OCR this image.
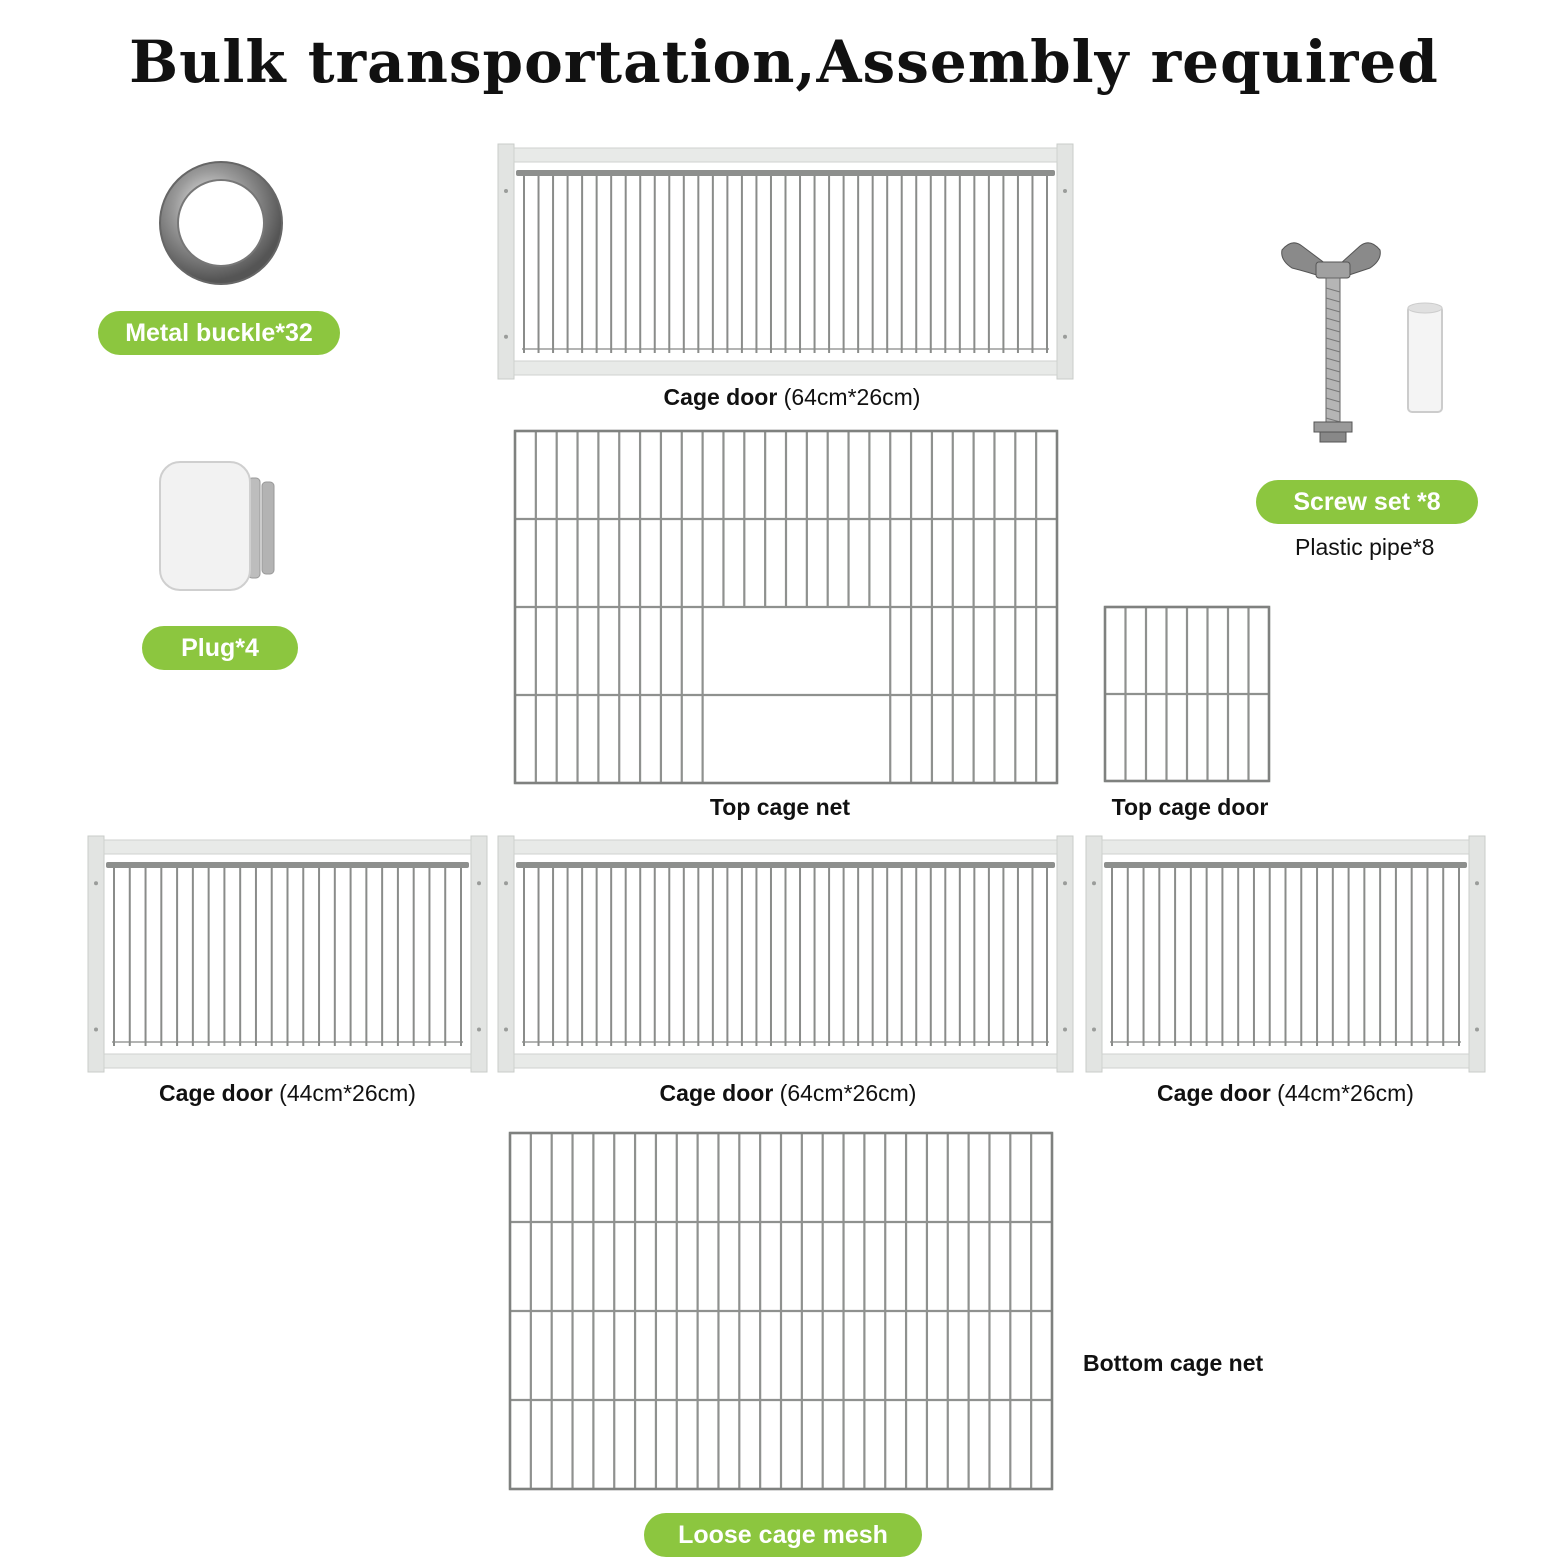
Bulk transportation,Assembly required
Metal buckle*32
Plug*4
Screw set *8
Plastic pipe*8
Cage door (64cm*26cm)
Top cage net	Top cage door
Cage door (44cm*26cm)	Cage door (64cm*26cm)	Cage door (44cm*26cm)
Bottom cage net
Loose cage mesh
